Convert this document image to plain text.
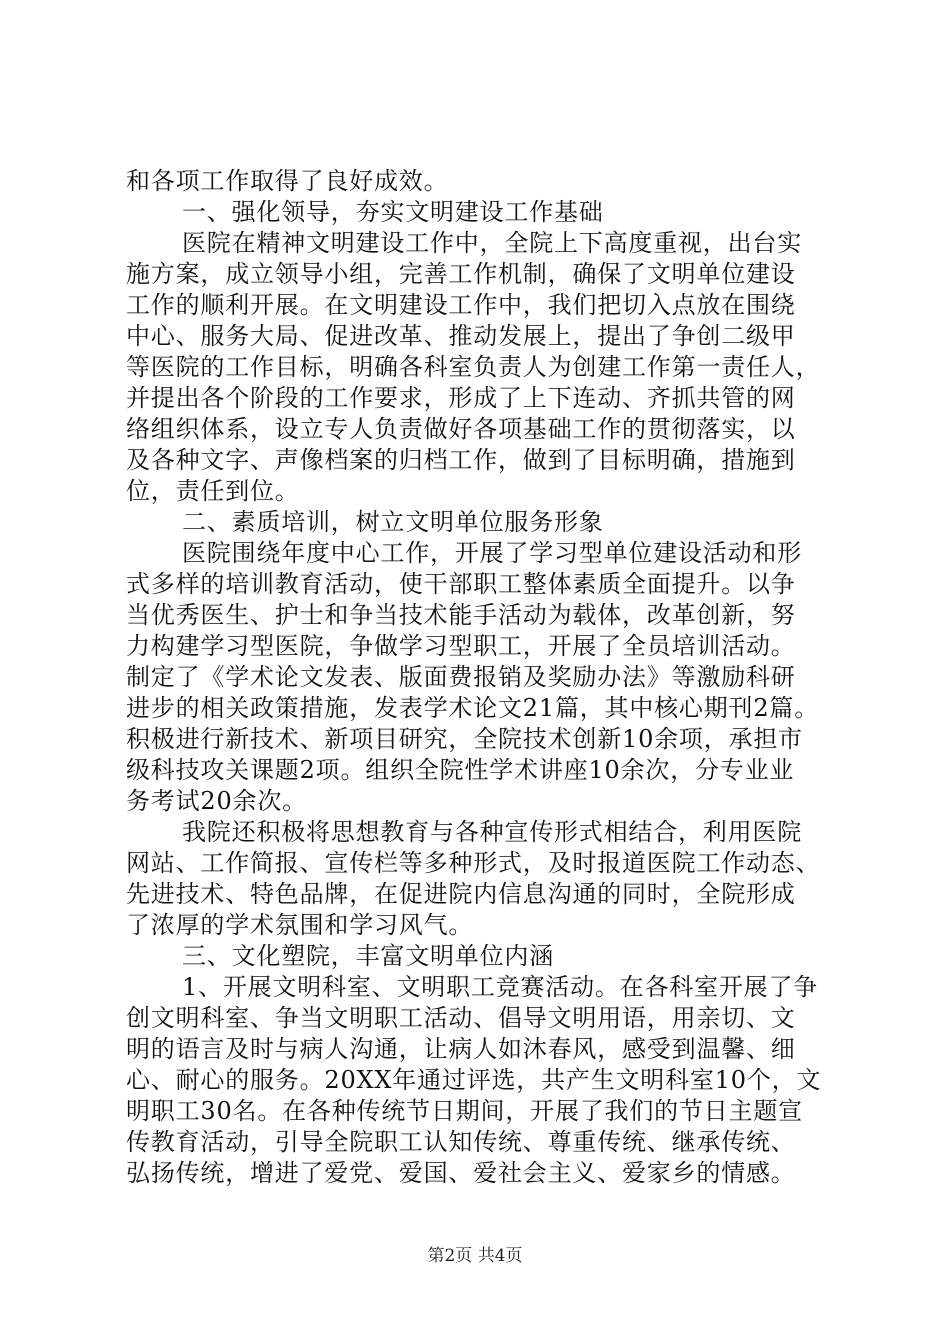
和各项工作取得了良好成效。
一、强化领导，夯实文明建设工作基础
医院在精神文明建设工作中，全院上下高度重视，出台实
施方案，成立领导小组，完善工作机制，确保了文明单位建设
工作的顺利开展。在文明建设工作中，我们把切入点放在围绕
中心、服务大局、促进改革、推动发展上，提出了争创二级甲
等医院的工作目标，明确各科室负责人为创建工作第一责任人，
并提出各个阶段的工作要求，形成了上下连动、齐抓共管的网
络组织体系，设立专人负责做好各项基础工作的贯彻落实，以
及各种文字、声像档案的归档工作，做到了目标明确，措施到
位，责任到位。
二、素质培训，树立文明单位服务形象
医院围绕年度中心工作，开展了学习型单位建设活动和形
式多样的培训教育活动，使干部职工整体素质全面提升。以争
当优秀医生、护士和争当技术能手活动为载体，改革创新，努
力构建学习型医院，争做学习型职工，开展了全员培训活动。
制定了《学术论文发表、版面费报销及奖励办法》等激励科研
进步的相关政策措施，发表学术论文21篇，其中核心期刊2篇。
积极进行新技术、新项目研究，全院技术创新10余项，承担市
级科技攻关课题2项。组织全院性学术讲座10余次，分专业业
务考试20余次。
我院还积极将思想教育与各种宣传形式相结合，利用医院
网站、工作简报、宣传栏等多种形式，及时报道医院工作动态、
先进技术、特色品牌，在促进院内信息沟通的同时，全院形成
了浓厚的学术氛围和学习风气。
三、文化塑院，丰富文明单位内涵
1、开展文明科室、文明职工竞赛活动。在各科室开展了争
创文明科室、争当文明职工活动、倡导文明用语，用亲切、文
明的语言及时与病人沟通，让病人如沐春风，感受到温馨、细
心、耐心的服务。20XX年通过评选，共产生文明科室10个，文
明职工30名。在各种传统节日期间，开展了我们的节日主题宣
传教育活动，引导全院职工认知传统、尊重传统、继承传统、
弘扬传统，增进了爱党、爱国、爱社会主义、爱家乡的情感。
第2页 共4页
